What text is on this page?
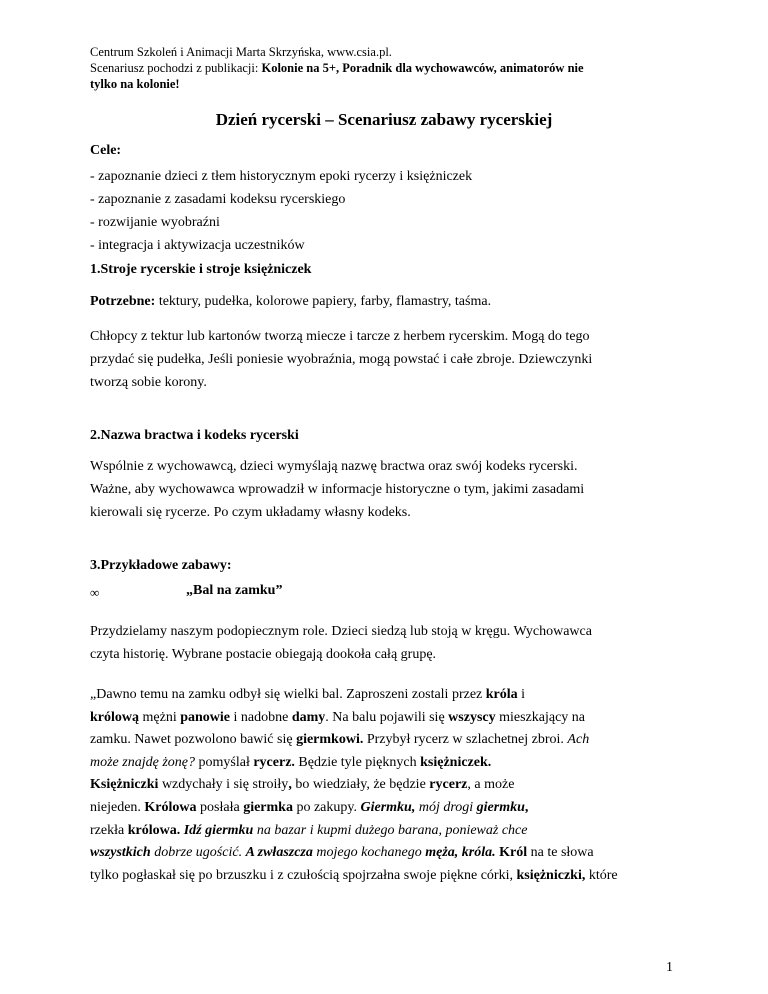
Centrum Szkoleń i Animacji Marta Skrzyńska, www.csia.pl.
Scenariusz pochodzi z publikacji: Kolonie na 5+, Poradnik dla wychowawców, animatorów nie
tylko na kolonie!
Dzień rycerski – Scenariusz zabawy rycerskiej
Cele:
- zapoznanie dzieci z tłem historycznym epoki rycerzy i księżniczek
- zapoznanie z zasadami kodeksu rycerskiego
- rozwijanie wyobraźni
- integracja i aktywizacja uczestników
1.Stroje rycerskie i stroje księżniczek
Potrzebne: tektury, pudełka, kolorowe papiery, farby, flamastry, taśma.
Chłopcy z tektur lub kartonów tworzą miecze i tarcze z herbem rycerskim. Mogą do tego
przydać się pudełka, Jeśli poniesie wyobraźnia, mogą powstać i całe zbroje. Dziewczynki
tworzą sobie korony.
2.Nazwa bractwa i kodeks rycerski
Wspólnie z wychowawcą, dzieci wymyślają nazwę bractwa oraz swój kodeks rycerski.
Ważne, aby wychowawca wprowadził w informacje historyczne o tym, jakimi zasadami
kierowali się rycerze. Po czym układamy własny kodeks.
3.Przykładowe zabawy:
∞	„Bal na zamku”
Przydzielamy naszym podopiecznym role. Dzieci siedzą lub stoją w kręgu. Wychowawca
czyta historię. Wybrane postacie obiegają dookoła całą grupę.
„Dawno temu na zamku odbył się wielki bal. Zaproszeni zostali przez króla i
królową mężni panowie i nadobne damy. Na balu pojawili się wszyscy mieszkający na
zamku. Nawet pozwolono bawić się giermkowi. Przybył rycerz w szlachetnej zbroi. Ach
może znajdę żonę? pomyślał rycerz. Będzie tyle pięknych księżniczek.
Księżniczki wzdychały i się stroiły, bo wiedziały, że będzie rycerz, a może
niejeden. Królowa posłała giermka po zakupy. Giermku, mój drogi giermku,
rzekła królowa. Idź giermku na bazar i kupmi dużego barana, ponieważ chce
wszystkich dobrze ugościć. A zwłaszcza mojego kochanego męża, króla. Król na te słowa
tylko pogłaskał się po brzuszku i z czułością spojrzałna swoje piękne córki, księżniczki, które
1
